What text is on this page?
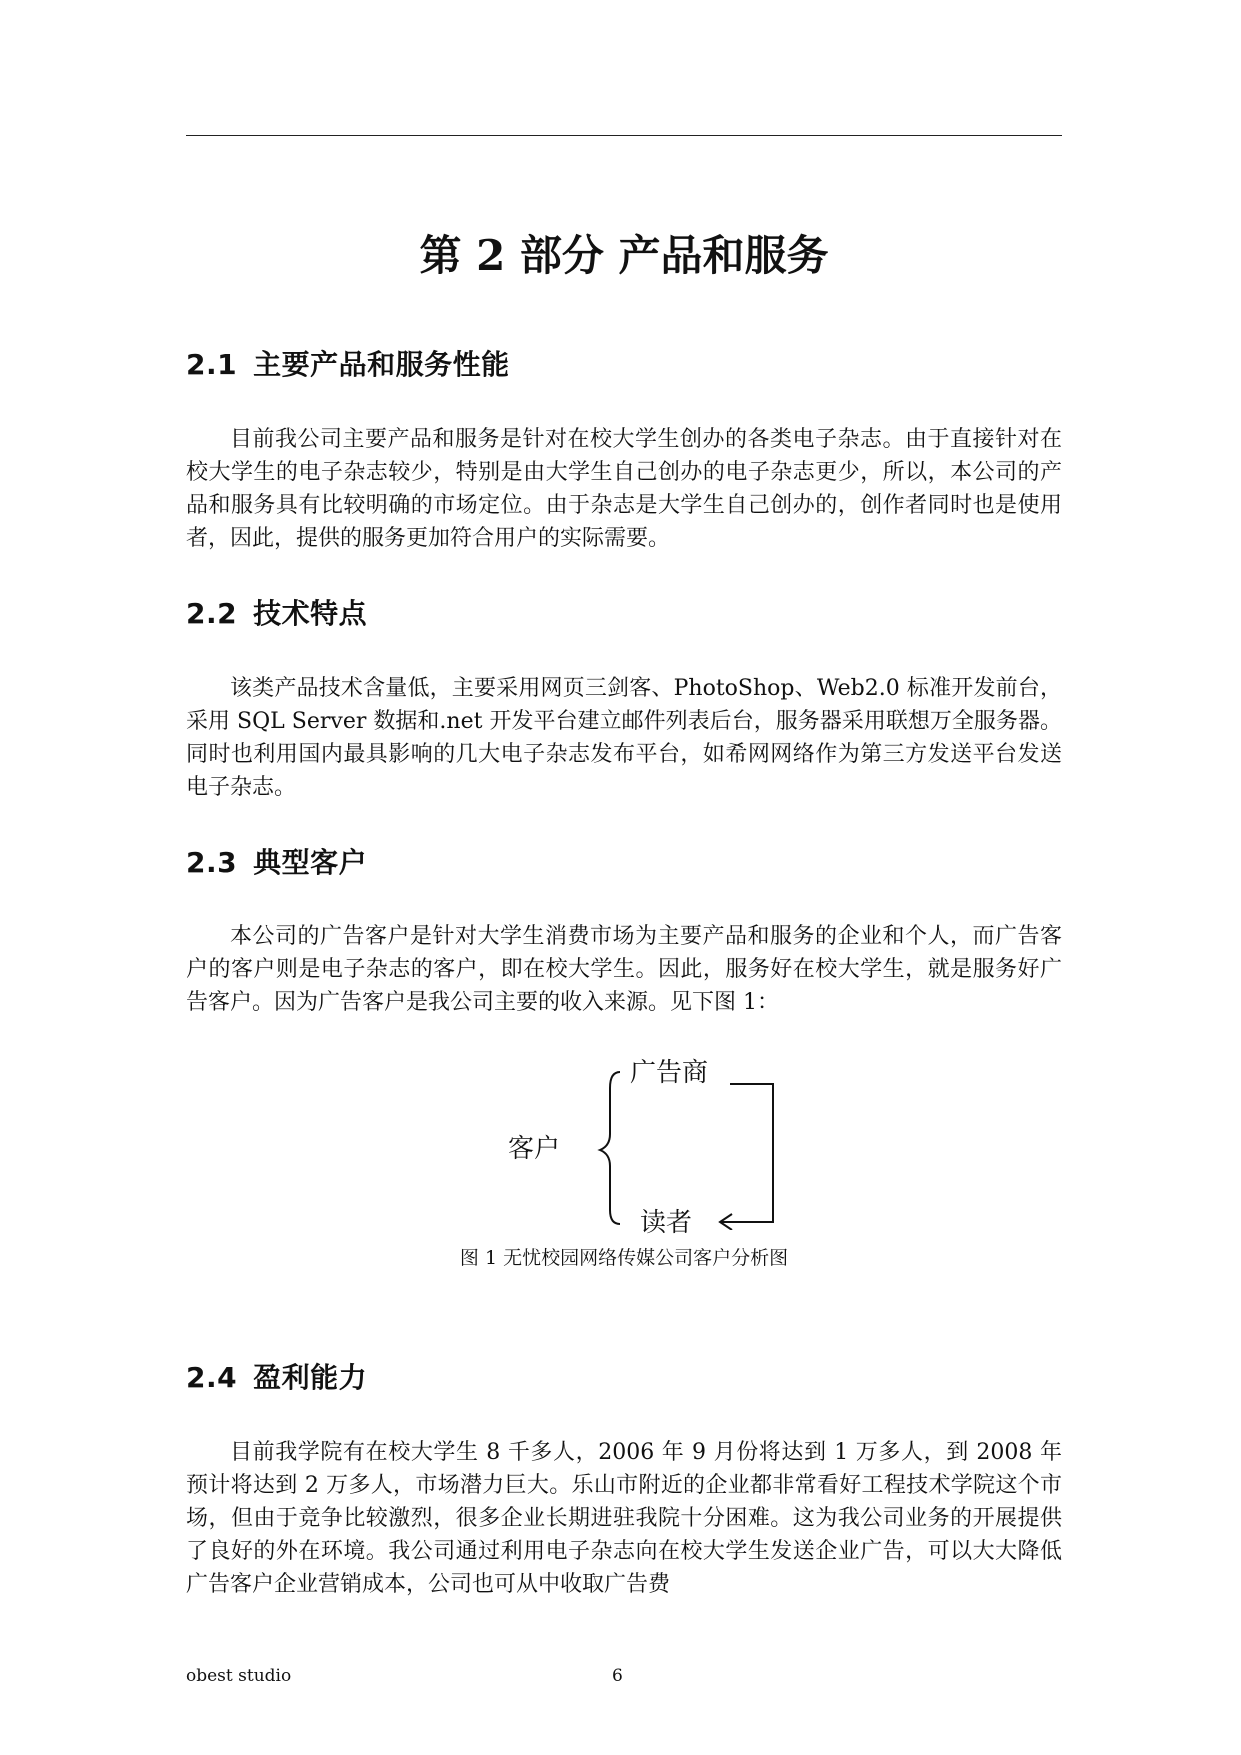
第 2 部分 产品和服务
2.1 主要产品和服务性能

目前我公司主要产品和服务是针对在校大学生创办的各类电子杂志。由于直接针对在校大学生的电子杂志较少，特别是由大学生自己创办的电子杂志更少，所以，本公司的产品和服务具有比较明确的市场定位。由于杂志是大学生自己创办的，创作者同时也是使用者，因此，提供的服务更加符合用户的实际需要。

2.2 技术特点

该类产品技术含量低，主要采用网页三剑客、PhotoShop、Web2.0 标准开发前台，采用 SQL Server 数据和.net 开发平台建立邮件列表后台，服务器采用联想万全服务器。同时也利用国内最具影响的几大电子杂志发布平台，如希网网络作为第三方发送平台发送电子杂志。

2.3 典型客户

本公司的广告客户是针对大学生消费市场为主要产品和服务的企业和个人，而广告客户的客户则是电子杂志的客户，即在校大学生。因此，服务好在校大学生，就是服务好广告客户。因为广告客户是我公司主要的收入来源。见下图 1：

广告商
客户
读者

图 1 无忧校园网络传媒公司客户分析图

2.4 盈利能力

目前我学院有在校大学生 8 千多人，2006 年 9 月份将达到 1 万多人，到 2008 年预计将达到 2 万多人，市场潜力巨大。乐山市附近的企业都非常看好工程技术学院这个市场，但由于竞争比较激烈，很多企业长期进驻我院十分困难。这为我公司业务的开展提供了良好的外在环境。我公司通过利用电子杂志向在校大学生发送企业广告，可以大大降低广告客户企业营销成本，公司也可从中收取广告费

obest studio	6
